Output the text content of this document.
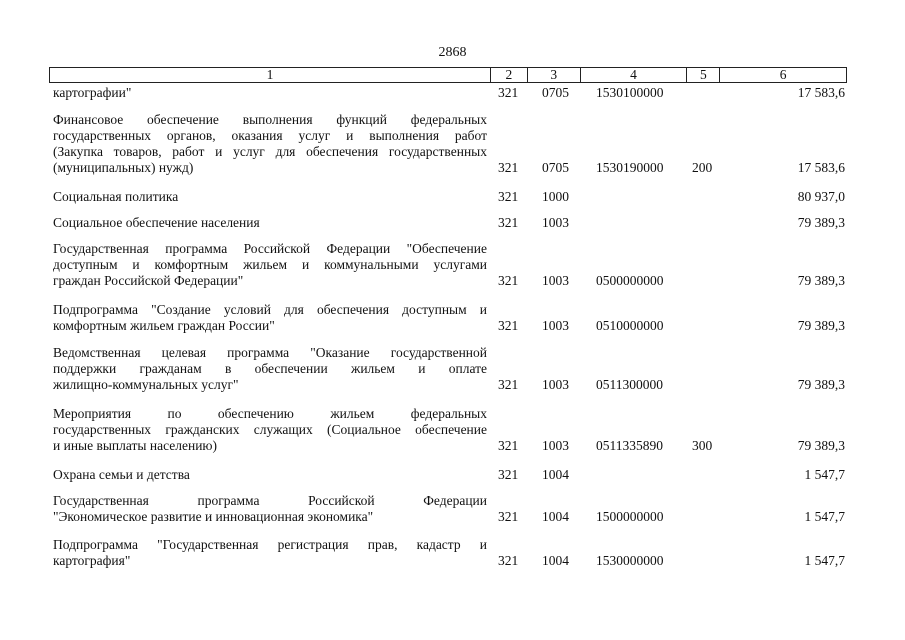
2868
1	2	3	4	5	6
картографии"	321 0705 1530100000	17 583,6
Финансовое обеспечение выполнения функций федеральных
государственных органов, оказания услуг и выполнения работ
(Закупка товаров, работ и услуг для обеспечения государственных
(муниципальных) нужд)	321 0705 1530190000 200	17 583,6
Социальная политика	321 1000	80 937,0
Социальное обеспечение населения	321 1003	79 389,3
Государственная программа Российской Федерации "Обеспечение
доступным и комфортным жильем и коммунальными услугами
граждан Российской Федерации"	321 1003 0500000000	79 389,3
Подпрограмма "Создание условий для обеспечения доступным и
комфортным жильем граждан России"	321 1003 0510000000	79 389,3
Ведомственная целевая программа "Оказание государственной
поддержки гражданам в обеспечении жильем и оплате
жилищно-коммунальных услуг"	321 1003 0511300000	79 389,3
Мероприятия по обеспечению жильем федеральных
государственных гражданских служащих (Социальное обеспечение
и иные выплаты населению)	321 1003 0511335890 300	79 389,3
Охрана семьи и детства	321 1004	1 547,7
Государственная программа Российской Федерации
"Экономическое развитие и инновационная экономика"	321 1004 1500000000	1 547,7
Подпрограмма "Государственная регистрация прав, кадастр и
картография"	321 1004 1530000000	1 547,7
